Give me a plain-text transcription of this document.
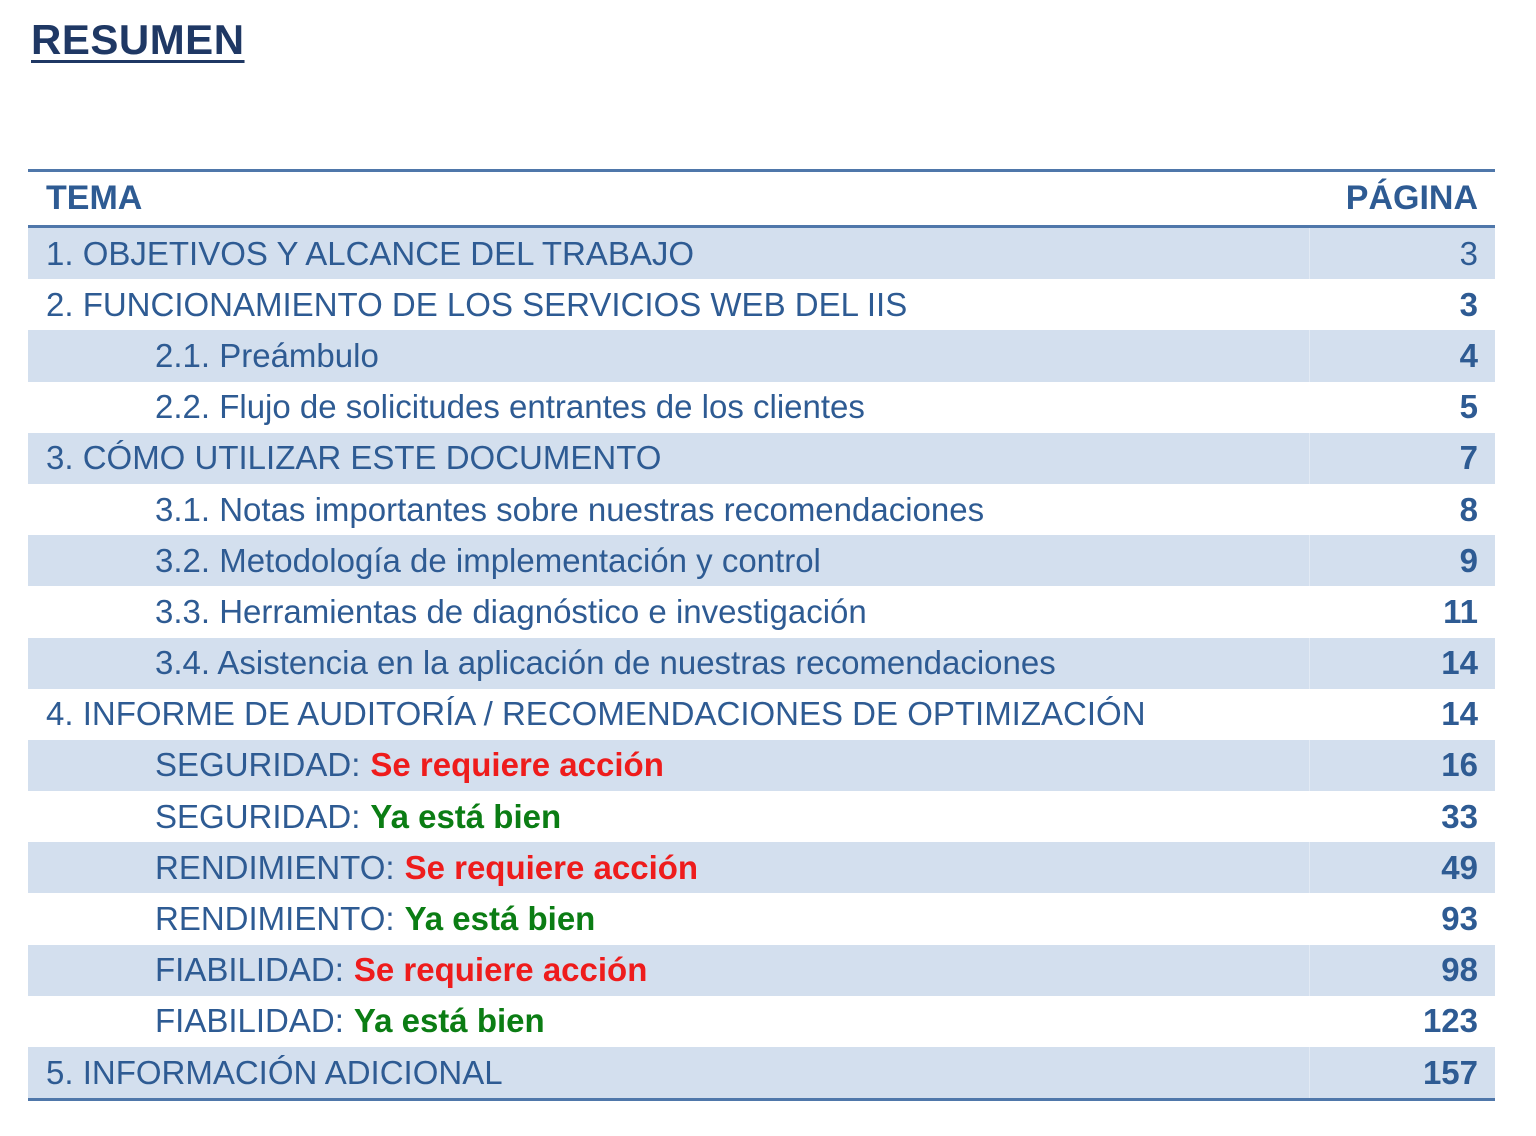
RESUMEN
TEMA	PÁGINA
1. OBJETIVOS Y ALCANCE DEL TRABAJO	3
2. FUNCIONAMIENTO DE LOS SERVICIOS WEB DEL IIS	3
2.1. Preámbulo	4
2.2. Flujo de solicitudes entrantes de los clientes	5
3. CÓMO UTILIZAR ESTE DOCUMENTO	7
3.1. Notas importantes sobre nuestras recomendaciones	8
3.2. Metodología de implementación y control	9
3.3. Herramientas de diagnóstico e investigación	11
3.4. Asistencia en la aplicación de nuestras recomendaciones	14
4. INFORME DE AUDITORÍA / RECOMENDACIONES DE OPTIMIZACIÓN	14
SEGURIDAD: Se requiere acción	16
SEGURIDAD: Ya está bien	33
RENDIMIENTO: Se requiere acción	49
RENDIMIENTO: Ya está bien	93
FIABILIDAD: Se requiere acción	98
FIABILIDAD: Ya está bien	123
5. INFORMACIÓN ADICIONAL	157
